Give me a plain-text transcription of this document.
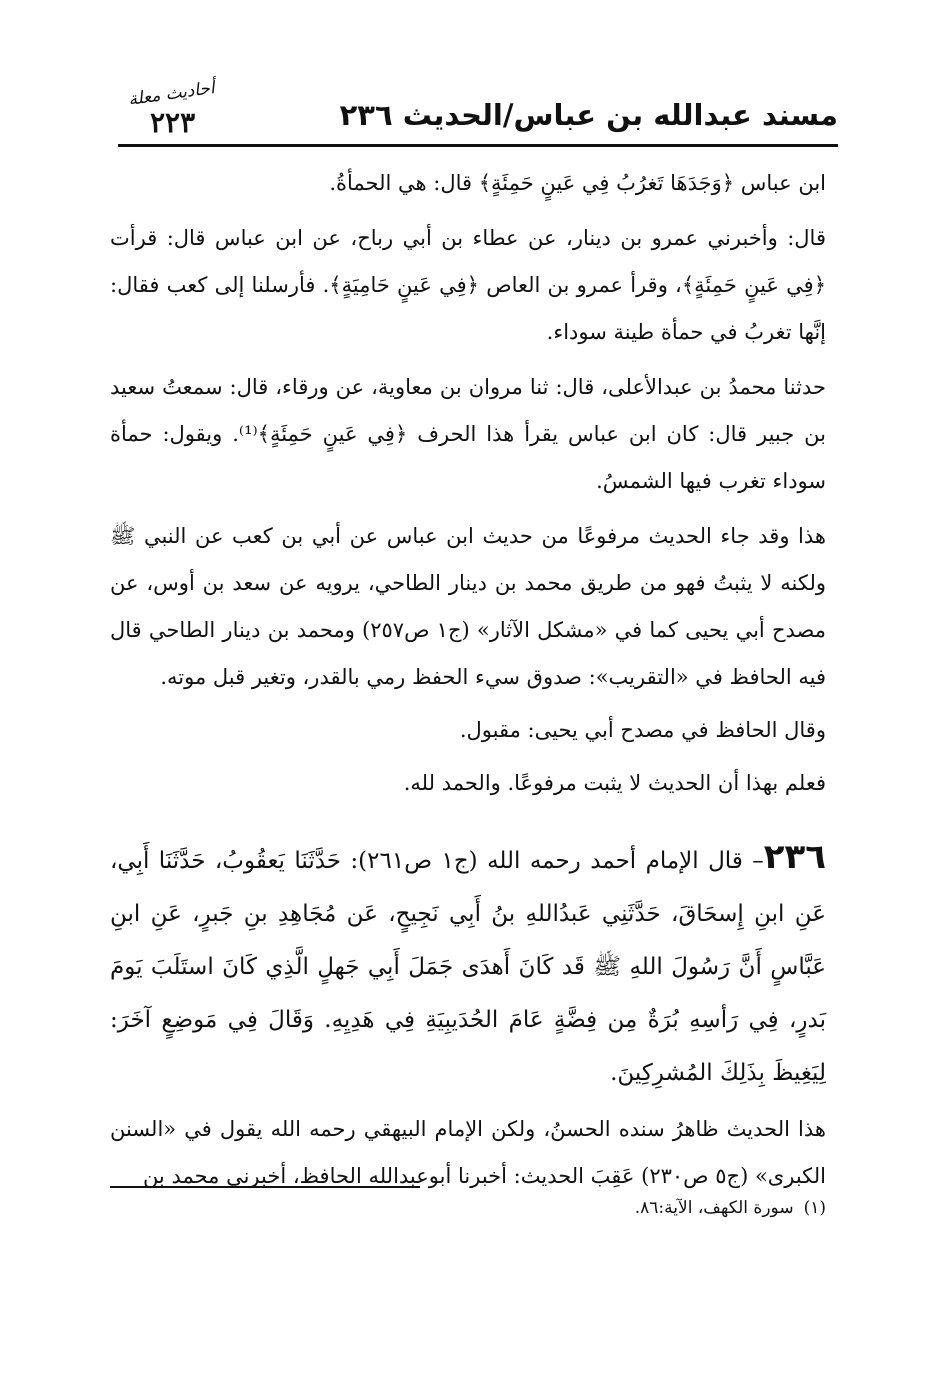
مسند عبدالله بن عباس/الحديث ٢٣٦
أحاديث معلة
٢٢٣

ابن عباس ﴿وَجَدَهَا تَغرُبُ فِي عَينٍ حَمِئَةٍ﴾ قال: هي الحمأةُ.

قال: وأخبرني عمرو بن دينار، عن عطاء بن أبي رباح، عن ابن عباس قال: قرأت ﴿فِي عَينٍ حَمِئَةٍ﴾، وقرأ عمرو بن العاص ﴿فِي عَينٍ حَامِيَةٍ﴾. فأرسلنا إلى كعب فقال: إنَّها تغربُ في حمأة طينة سوداء.

حدثنا محمدُ بن عبدالأعلى، قال: ثنا مروان بن معاوية، عن ورقاء، قال: سمعتُ سعيد بن جبير قال: كان ابن عباس يقرأ هذا الحرف ﴿فِي عَينٍ حَمِئَةٍ﴾⁽¹⁾. ويقول: حمأة سوداء تغرب فيها الشمسُ.

هذا وقد جاء الحديث مرفوعًا من حديث ابن عباس عن أبي بن كعب عن النبي ﷺ ولكنه لا يثبتُ فهو من طريق محمد بن دينار الطاحي، يرويه عن سعد بن أوس، عن مصدح أبي يحيى كما في «مشكل الآثار» (ج١ ص٢٥٧) ومحمد بن دينار الطاحي قال فيه الحافظ في «التقريب»: صدوق سيء الحفظ رمي بالقدر، وتغير قبل موته.

وقال الحافظ في مصدح أبي يحيى: مقبول.

فعلم بهذا أن الحديث لا يثبت مرفوعًا. والحمد لله.

٢٣٦– قال الإمام أحمد رحمه الله (ج١ ص٢٦١): حَدَّثَنَا يَعقُوبُ، حَدَّثَنَا أَبِي، عَنِ ابنِ إِسحَاقَ، حَدَّثَنِي عَبدُاللهِ بنُ أَبِي نَجِيحٍ، عَن مُجَاهِدِ بنِ جَبرٍ، عَنِ ابنِ عَبَّاسٍ أَنَّ رَسُولَ اللهِ ﷺ قَد كَانَ أَهدَى جَمَلَ أَبِي جَهلٍ الَّذِي كَانَ استَلَبَ يَومَ بَدرٍ، فِي رَأسِهِ بُرَةٌ مِن فِضَّةٍ عَامَ الحُدَيبِيَةِ فِي هَدِيِهِ. وَقَالَ فِي مَوضِعٍ آخَرَ: لِيَغِيظَ بِذَلِكَ المُشرِكِينَ.

هذا الحديث ظاهرُ سنده الحسنُ، ولكن الإمام البيهقي رحمه الله يقول في «السنن الكبرى» (ج٥ ص٢٣٠) عَقِبَ الحديث: أخبرنا أبوعبدالله الحافظ، أخبرني محمد بن

(١)سورة الكهف، الآية:٨٦.
